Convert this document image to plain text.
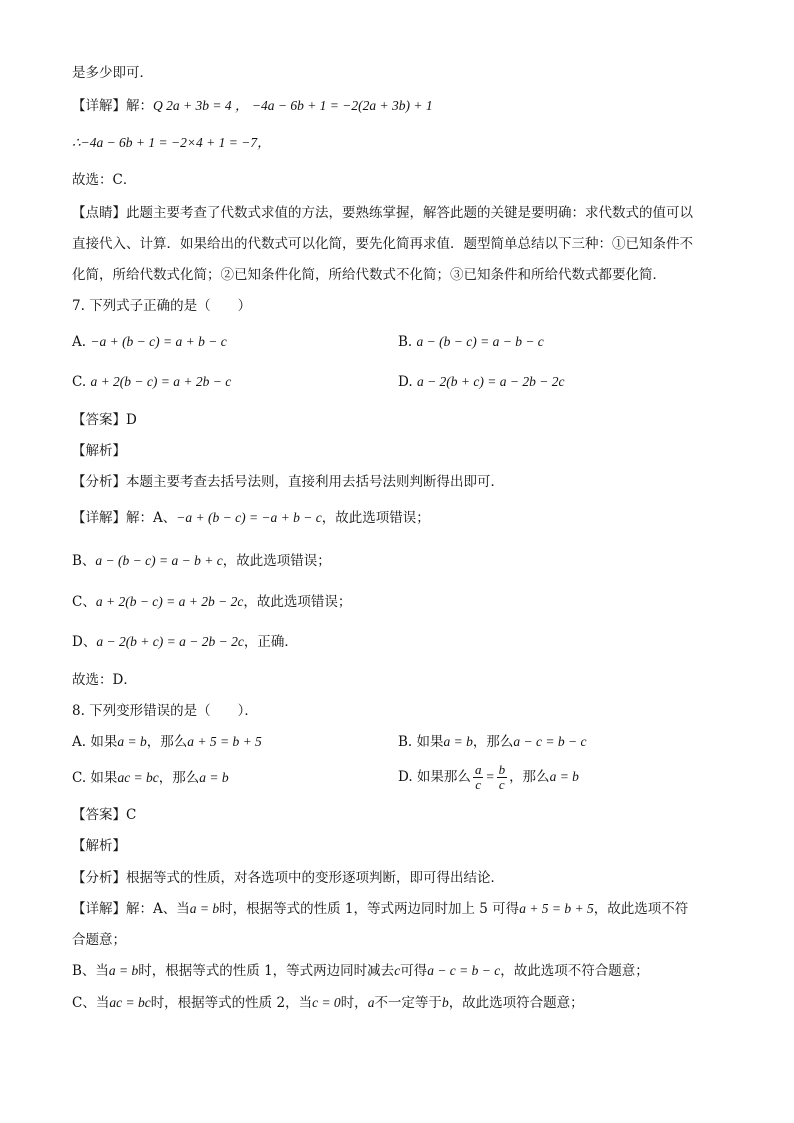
是多少即可．
【详解】解：Q 2a + 3b = 4 ， −4a − 6b + 1 = −2(2a + 3b) + 1
∴−4a − 6b + 1 = −2×4 + 1 = −7，
故选：C．
【点睛】此题主要考查了代数式求值的方法，要熟练掌握，解答此题的关键是要明确：求代数式的值可以
直接代入、计算．如果给出的代数式可以化简，要先化简再求值．题型简单总结以下三种：①已知条件不
化简，所给代数式化简；②已知条件化简，所给代数式不化简；③已知条件和所给代数式都要化简．
7. 下列式子正确的是（　　）
A. −a + (b − c) = a + b − c	B. a − (b − c) = a − b − c
C. a + 2(b − c) = a + 2b − c	D. a − 2(b + c) = a − 2b − 2c
【答案】D
【解析】
【分析】本题主要考查去括号法则，直接利用去括号法则判断得出即可．
【详解】解：A、−a + (b − c) = −a + b − c，故此选项错误；
B、a − (b − c) = a − b + c，故此选项错误；
C、a + 2(b − c) = a + 2b − 2c，故此选项错误；
D、a − 2(b + c) = a − 2b − 2c，正确．
故选：D．
8. 下列变形错误的是（　　）．
A. 如果a = b，那么a + 5 = b + 5	B. 如果a = b，那么a − c = b − c
C. 如果ac = bc，那么a = b	D. 如果那么 $\frac{a}{c} = \frac{b}{c}$ ，那么a = b
【答案】C
【解析】
【分析】根据等式的性质，对各选项中的变形逐项判断，即可得出结论．
【详解】解：A、当a = b时，根据等式的性质 1，等式两边同时加上 5 可得a + 5 = b + 5，故此选项不符
合题意；
B、当a = b时，根据等式的性质 1，等式两边同时减去c可得a − c = b − c，故此选项不符合题意；
C、当ac = bc时，根据等式的性质 2，当c = 0时，a不一定等于b，故此选项符合题意；
